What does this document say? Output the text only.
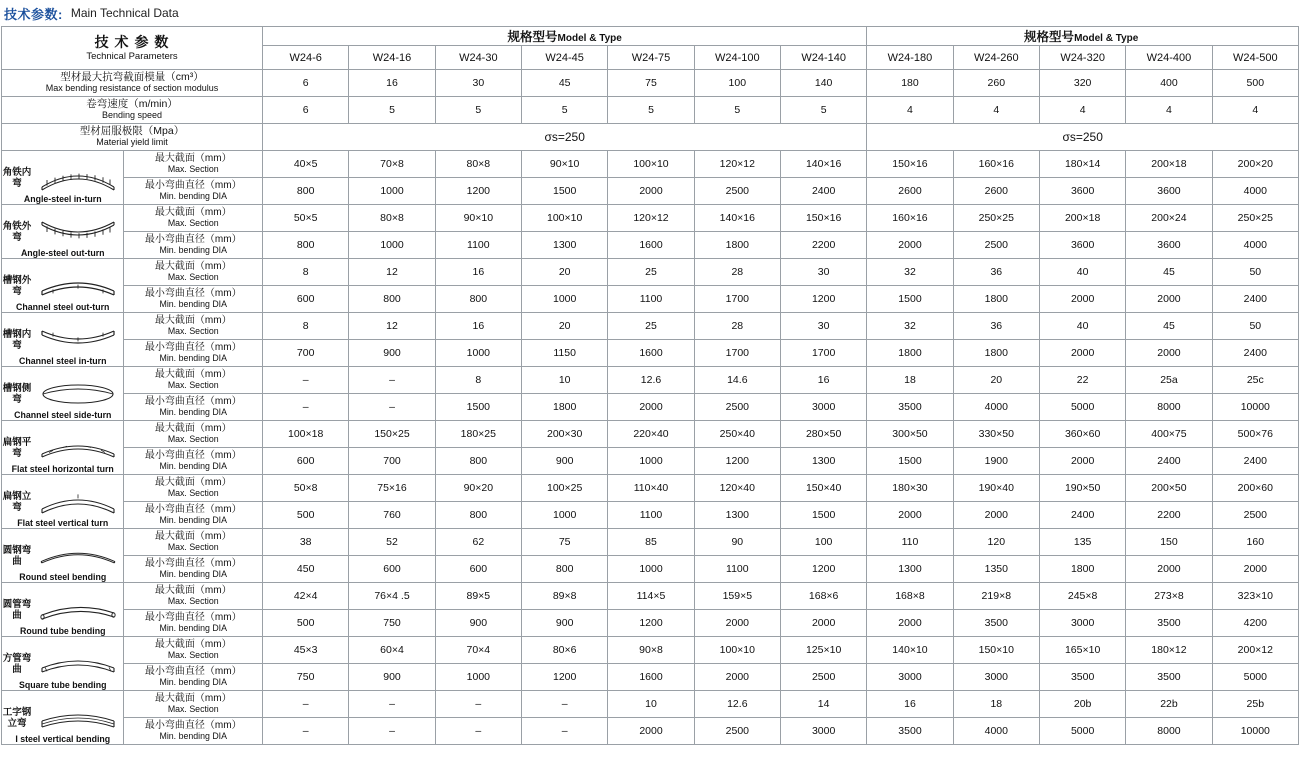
技术参数: Main Technical Data
技 术 参 数
Technical Parameters		规格型号Model & Type							规格型号Model & Type				
		W24-6	W24-16	W24-30	W24-45	W24-75	W24-100	W24-140	W24-180	W24-260	W24-320	W24-400	W24-500

型材最大抗弯截面模量（cm³）
Max bending resistance of section modulus		6	16	30	45	75	100	140	180	260	320	400	500

卷弯速度（m/min）
Bending speed		6	5	5	5	5	5	5	4	4	4	4	4

型材屈服极限（Mpa）
Material yield limit		σs=250							σs=250				

角铁内弯
Angle-steel in-turn

最大截面（mm）
Max. Section	40×5	70×8	80×8	90×10	100×10	120×12	140×16	150×16	160×16	180×14	200×18	200×20

	最小弯曲直径（mm）
Min. bending DIA	800	1000	1200	1500	2000	2500	2400	2600	2600	3600	3600	4000

角铁外弯
Angle-steel out-turn

最大截面（mm）
Max. Section	50×5	80×8	90×10	100×10	120×12	140×16	150×16	160×16	250×25	200×18	200×24	250×25

	最小弯曲直径（mm）
Min. bending DIA	800	1000	1100	1300	1600	1800	2200	2000	2500	3600	3600	4000

槽钢外弯
Channel steel out-turn

最大截面（mm）
Max. Section	8	12	16	20	25	28	30	32	36	40	45	50

	最小弯曲直径（mm）
Min. bending DIA	600	800	800	1000	1100	1700	1200	1500	1800	2000	2000	2400

槽钢内弯
Channel steel in-turn

最大截面（mm）
Max. Section	8	12	16	20	25	28	30	32	36	40	45	50

	最小弯曲直径（mm）
Min. bending DIA	700	900	1000	1150	1600	1700	1700	1800	1800	2000	2000	2400

槽钢侧弯
Channel steel side-turn

最大截面（mm）
Max. Section	–	–	8	10	12.6	14.6	16	18	20	22	25a	25c

	最小弯曲直径（mm）
Min. bending DIA	–	–	1500	1800	2000	2500	3000	3500	4000	5000	8000	10000

扁钢平弯
Flat steel horizontal turn

最大截面（mm）
Max. Section	100×18	150×25	180×25	200×30	220×40	250×40	280×50	300×50	330×50	360×60	400×75	500×76

	最小弯曲直径（mm）
Min. bending DIA	600	700	800	900	1000	1200	1300	1500	1900	2000	2400	2400

扁钢立弯
Flat steel vertical turn

最大截面（mm）
Max. Section	50×8	75×16	90×20	100×25	110×40	120×40	150×40	180×30	190×40	190×50	200×50	200×60

	最小弯曲直径（mm）
Min. bending DIA	500	760	800	1000	1100	1300	1500	2000	2000	2400	2200	2500

圆钢弯曲
Round steel bending

最大截面（mm）
Max. Section	38	52	62	75	85	90	100	110	120	135	150	160

	最小弯曲直径（mm）
Min. bending DIA	450	600	600	800	1000	1100	1200	1300	1350	1800	2000	2000

圆管弯曲
Round tube bending

最大截面（mm）
Max. Section	42×4	76×4 .5	89×5	89×8	114×5	159×5	168×6	168×8	219×8	245×8	273×8	323×10

	最小弯曲直径（mm）
Min. bending DIA	500	750	900	900	1200	2000	2000	2000	3500	3000	3500	4200

方管弯曲
Square tube bending

最大截面（mm）
Max. Section	45×3	60×4	70×4	80×6	90×8	100×10	125×10	140×10	150×10	165×10	180×12	200×12

	最小弯曲直径（mm）
Min. bending DIA	750	900	1000	1200	1600	2000	2500	3000	3000	3500	3500	5000

工字钢立弯
I steel vertical bending

最大截面（mm）
Max. Section	–	–	–	–	10	12.6	14	16	18	20b	22b	25b

	最小弯曲直径（mm）
Min. bending DIA	–	–	–	–	2000	2500	3000	3500	4000	5000	8000	10000
